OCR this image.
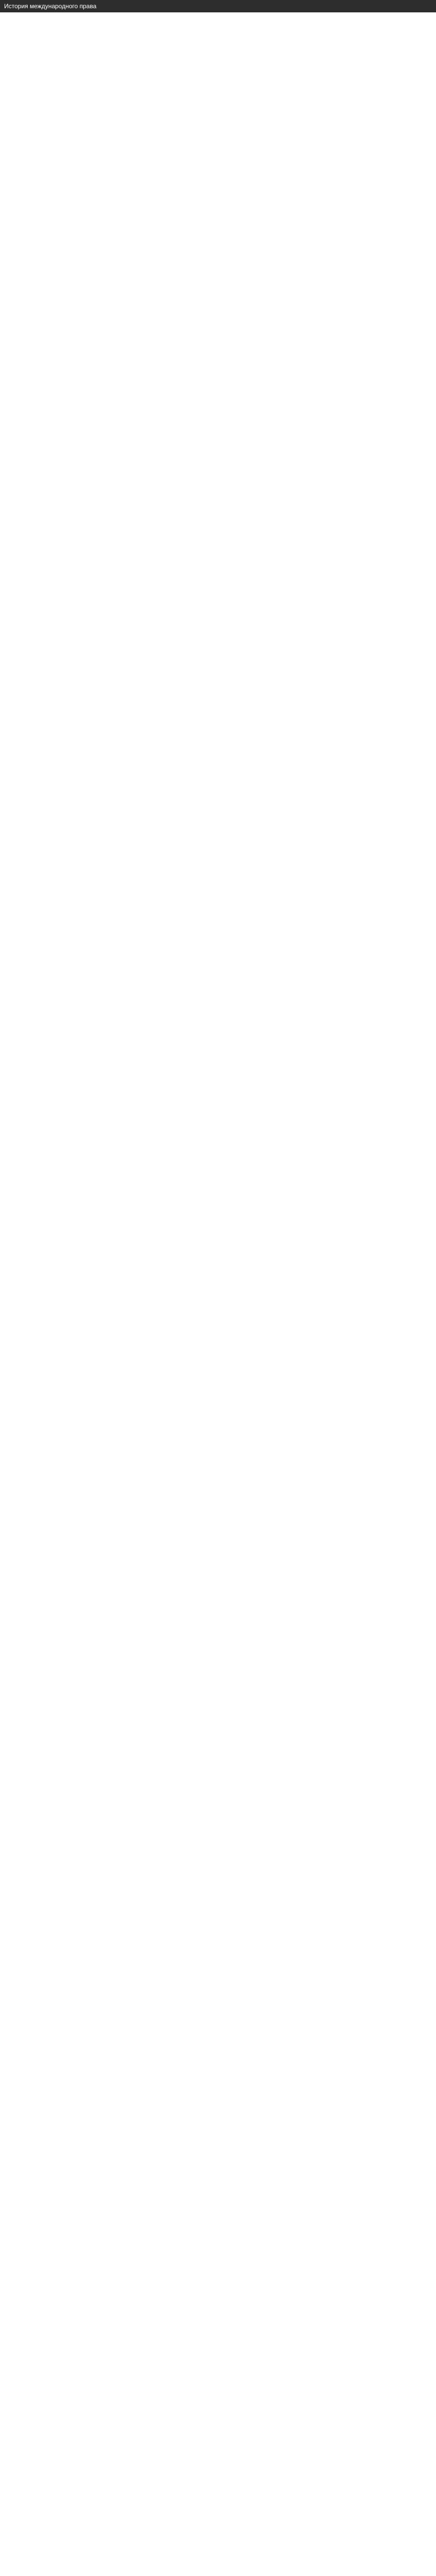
История международного права
